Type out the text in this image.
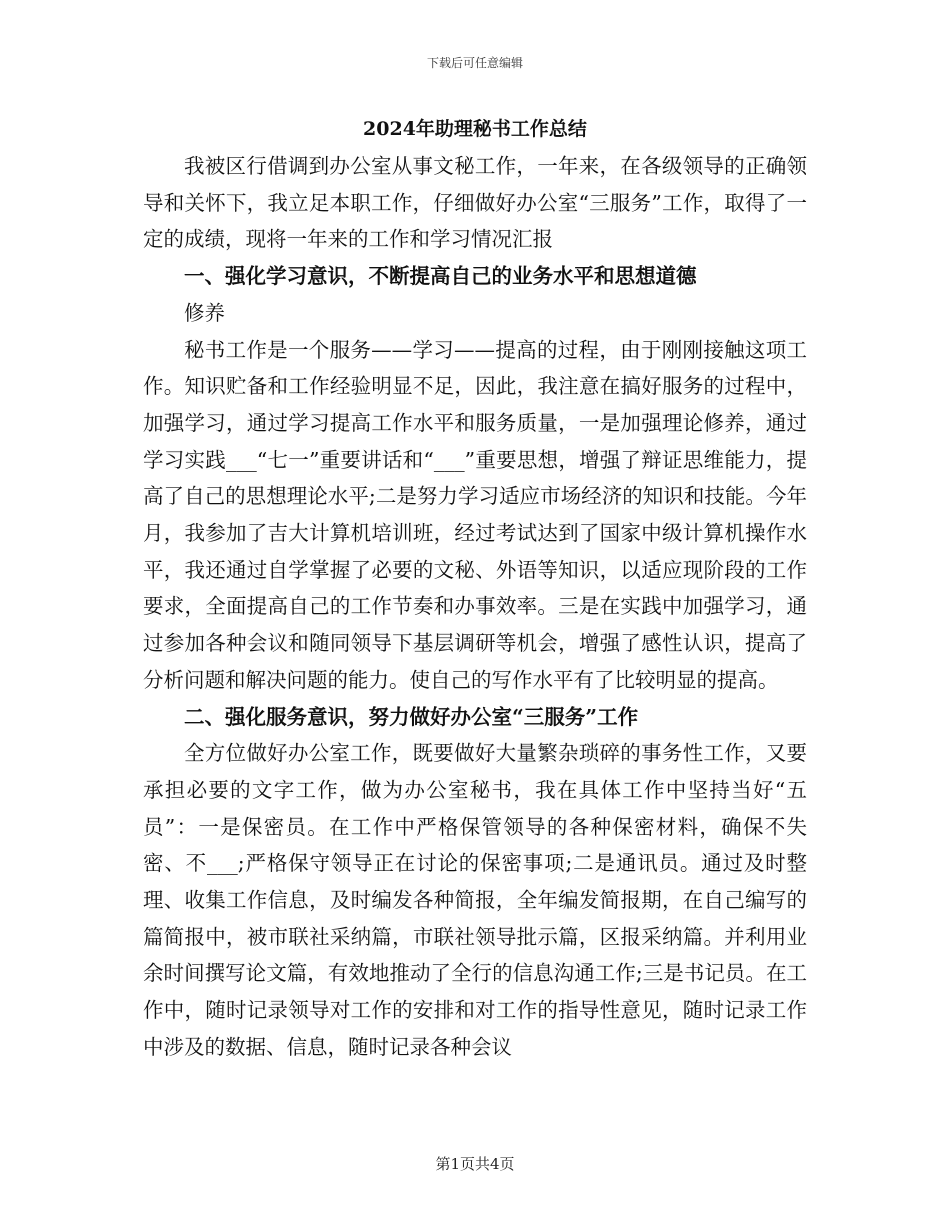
下载后可任意编辑
2024年助理秘书工作总结

我被区行借调到办公室从事文秘工作，一年来，在各级领导的正确领导和关怀下，我立足本职工作，仔细做好办公室“三服务”工作，取得了一定的成绩，现将一年来的工作和学习情况汇报

一、强化学习意识，不断提高自己的业务水平和思想道德

修养

秘书工作是一个服务——学习——提高的过程，由于刚刚接触这项工作。知识贮备和工作经验明显不足，因此，我注意在搞好服务的过程中，加强学习，通过学习提高工作水平和服务质量，一是加强理论修养，通过学习实践___“七一”重要讲话和“___”重要思想，增强了辩证思维能力，提高了自己的思想理论水平;二是努力学习适应市场经济的知识和技能。今年月，我参加了吉大计算机培训班，经过考试达到了国家中级计算机操作水平，我还通过自学掌握了必要的文秘、外语等知识，以适应现阶段的工作要求，全面提高自己的工作节奏和办事效率。三是在实践中加强学习，通过参加各种会议和随同领导下基层调研等机会，增强了感性认识，提高了分析问题和解决问题的能力。使自己的写作水平有了比较明显的提高。

二、强化服务意识，努力做好办公室“三服务”工作

全方位做好办公室工作，既要做好大量繁杂琐碎的事务性工作，又要承担必要的文字工作，做为办公室秘书，我在具体工作中坚持当好“五员”：一是保密员。在工作中严格保管领导的各种保密材料，确保不失密、不___;严格保守领导正在讨论的保密事项;二是通讯员。通过及时整理、收集工作信息，及时编发各种简报，全年编发简报期，在自己编写的篇简报中，被市联社采纳篇，市联社领导批示篇，区报采纳篇。并利用业余时间撰写论文篇，有效地推动了全行的信息沟通工作;三是书记员。在工作中，随时记录领导对工作的安排和对工作的指导性意见，随时记录工作中涉及的数据、信息，随时记录各种会议

第1页共4页
